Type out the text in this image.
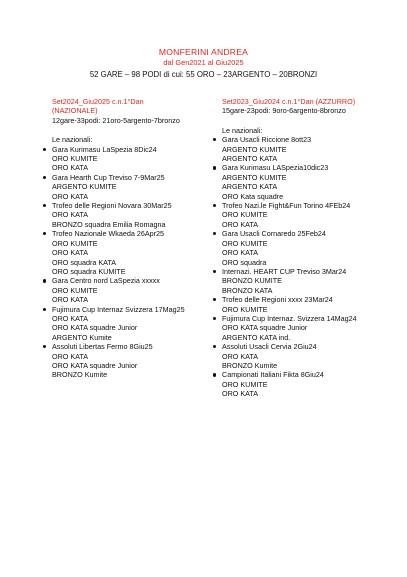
MONFERINI ANDREA
dal Gen2021 al Giu2025
52 GARE – 98 PODI di cui: 55 ORO – 23ARGENTO – 20BRONZI
Set2024_Giu2025 c.n.1°Dan
(NAZIONALE)
12gare-33podi: 21oro-5argento-7bronzo
Le nazionali:
Gara Kurimasu LaSpezia 8Dic24
ORO KUMITE
ORO KATA
Gara Hearth Cup Treviso 7-9Mar25
ARGENTO KUMITE
ORO KATA
Trofeo delle Regioni Novara 30Mar25
ORO KATA
BRONZO squadra Emilia Romagna
Trofeo Nazionale Wkaeda 26Apr25
ORO KUMITE
ORO KATA
ORO squadra KATA
ORO squadra KUMITE
Gara Centro nord LaSpezia xxxxx
ORO KUMITE
ORO KATA
Fujimura Cup Internaz Svizzera 17Mag25
ORO KATA
ORO KATA squadre Junior
ARGENTO Kumite
Assoluti Libertas Fermo 8Giu25
ORO KATA
ORO KATA squadre Junior
BRONZO Kumite
Set2023_Giu2024 c.n.1°Dan (AZZURRO)
15gare-23podi: 9oro-6argento-8bronzo
Le nazionali:
Gara Usacli Riccione 8ott23
ARGENTO KUMITE
ARGENTO KATA
Gara Kurimasu LASpezia10dic23
ARGENTO KUMITE
ARGENTO KATA
ORO Kata squadre
Trofeo Nazi.le Fight&Fun Torino 4FEb24
ORO KUMITE
ORO KATA
Gara Usacli Cornaredo 25Feb24
ORO KUMITE
ORO KATA
ORO squadra
Internazi. HEART CUP Treviso 3Mar24
BRONZO KUMITE
BRONZO KATA
Trofeo delle Regioni xxxx 23Mar24
ORO KUMITE
Fujimura Cup Internaz. Svizzera 14Mag24
ORO KATA squadre Junior
ARGENTO KATA ind.
Assoluti Usacli Cervia 2Giu24
ORO KATA
BRONZO Kumite
Campionati Italiani Fikta 8Giu24
ORO KUMITE
ORO KATA
